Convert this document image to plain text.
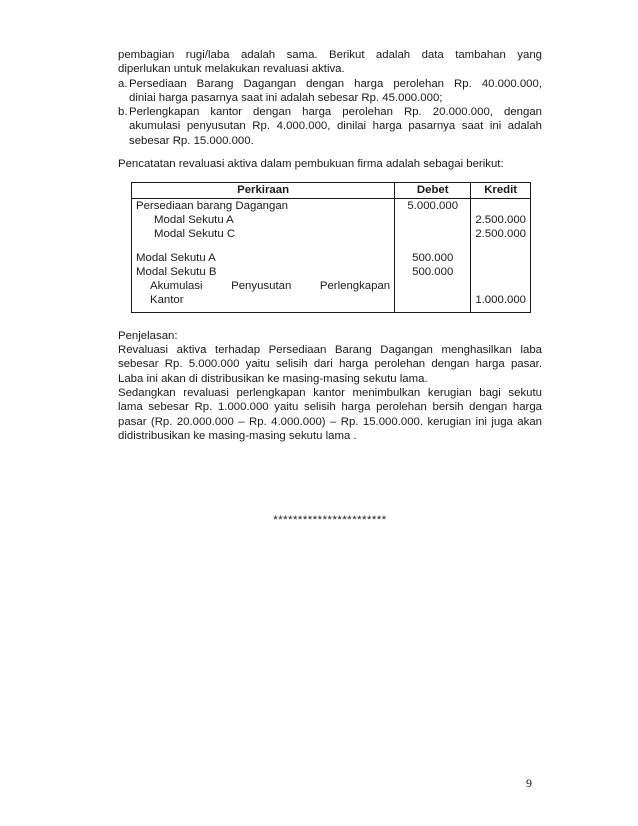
pembagian rugi/laba adalah sama. Berikut adalah data tambahan yang
diperlukan untuk melakukan revaluasi aktiva.
a. Persediaan Barang Dagangan dengan harga perolehan Rp. 40.000.000,
diniai harga pasarnya saat ini adalah sebesar Rp. 45.000.000;
b. Perlengkapan kantor dengan harga perolehan Rp. 20.000.000, dengan
akumulasi penyusutan Rp. 4.000.000, dinilai harga pasarnya saat ini adalah
sebesar Rp. 15.000.000.
Pencatatan revaluasi aktiva dalam pembukuan firma adalah sebagai berikut:
Perkiraan	Debet	Kredit
Persediaan barang Dagangan	5.000.000	
Modal Sekutu A		2.500.000
Modal Sekutu C		2.500.000

Modal Sekutu A	500.000	
Modal Sekutu B	500.000	

Akumulasi Penyusutan Perlengkapan
Kantor		1.000.000
Penjelasan:
Revaluasi aktiva terhadap Persediaan Barang Dagangan menghasilkan laba
sebesar Rp. 5.000.000 yaitu selisih dari harga perolehan dengan harga pasar.
Laba ini akan di distribusikan ke masing-masing sekutu lama.
Sedangkan revaluasi perlengkapan kantor menimbulkan kerugian bagi sekutu
lama sebesar Rp. 1.000.000 yaitu selisih harga perolehan bersih dengan harga
pasar (Rp. 20.000.000 – Rp. 4.000.000) – Rp. 15.000.000. kerugian ini juga akan
didistribusikan ke masing-masing sekutu lama .
***********************
9
